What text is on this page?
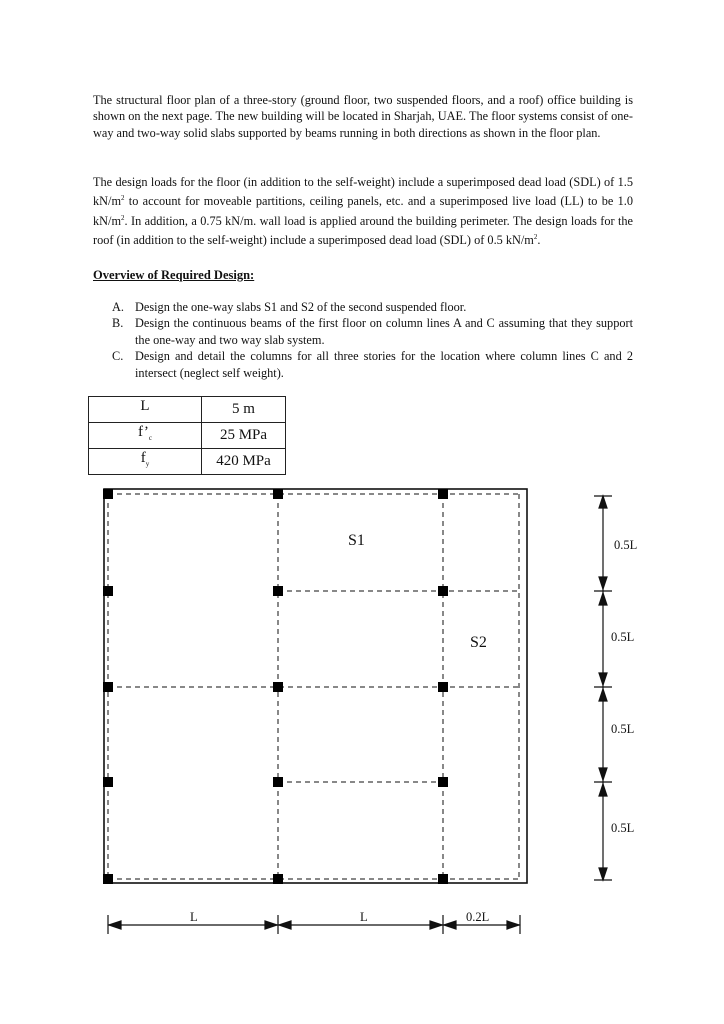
The structural floor plan of a three-story (ground floor, two suspended floors, and a roof) office building is shown on the next page. The new building will be located in Sharjah, UAE. The floor systems consist of one-way and two-way solid slabs supported by beams running in both directions as shown in the floor plan.

The design loads for the floor (in addition to the self-weight) include a superimposed dead load (SDL) of 1.5 $kN/m^2$ to account for moveable partitions, ceiling panels, etc. and a superimposed live load (LL) to be 1.0 $kN/m^2$. In addition, a 0.75 kN/m. wall load is applied around the building perimeter. The design loads for the roof (in addition to the self-weight) include a superimposed dead load (SDL) of 0.5 $kN/m^2$.

Overview of Required Design:

A. Design the one-way slabs S1 and S2 of the second suspended floor.
B. Design the continuous beams of the first floor on column lines A and C assuming that they support the one-way and two way slab system.
C. Design and detail the columns for all three stories for the location where column lines C and 2 intersect (neglect self weight).
L	5 m
$f’_c$	25 MPa
$f_y$	420 MPa
S1
S2
0.5L
0.5L
0.5L
0.5L
L	L	0.2L
